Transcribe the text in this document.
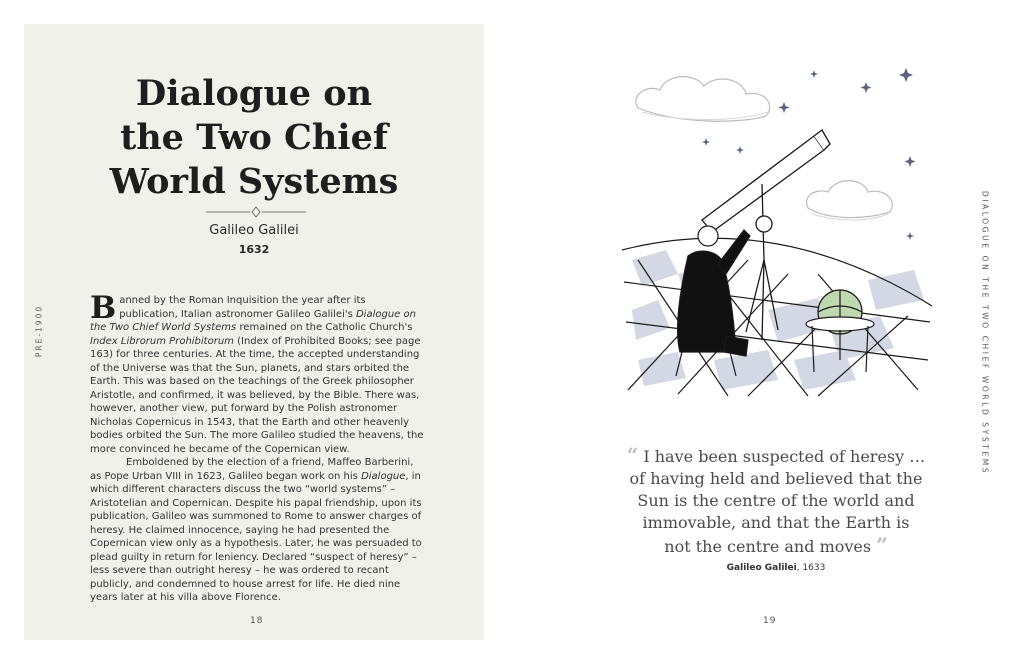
Dialogue on
the Two Chief
World Systems
Galileo Galilei
1632

Banned by the Roman Inquisition the year after its publication, Italian astronomer Galileo Galilei's Dialogue on the Two Chief World Systems remained on the Catholic Church's Index Librorum Prohibitorum (Index of Prohibited Books; see page 163) for three centuries. At the time, the accepted understanding of the Universe was that the Sun, planets, and stars orbited the Earth. This was based on the teachings of the Greek philosopher Aristotle, and confirmed, it was believed, by the Bible. There was, however, another view, put forward by the Polish astronomer Nicholas Copernicus in 1543, that the Earth and other heavenly bodies orbited the Sun. The more Galileo studied the heavens, the more convinced he became of the Copernican view.

Emboldened by the election of a friend, Maffeo Barberini, as Pope Urban VIII in 1623, Galileo began work on his Dialogue, in which different characters discuss the two “world systems” – Aristotelian and Copernican. Despite his papal friendship, upon its publication, Galileo was summoned to Rome to answer charges of heresy. He claimed innocence, saying he had presented the Copernican view only as a hypothesis. Later, he was persuaded to plead guilty in return for leniency. Declared “suspect of heresy” – less severe than outright heresy – he was ordered to recant publicly, and condemned to house arrest for life. He died nine years later at his villa above Florence.

18
PRE-1900
“ I have been suspected of heresy …
of having held and believed that the
Sun is the centre of the world and
immovable, and that the Earth is
not the centre and moves ”
Galileo Galilei, 1633
19
DIALOGUE ON THE TWO CHIEF WORLD SYSTEMS
